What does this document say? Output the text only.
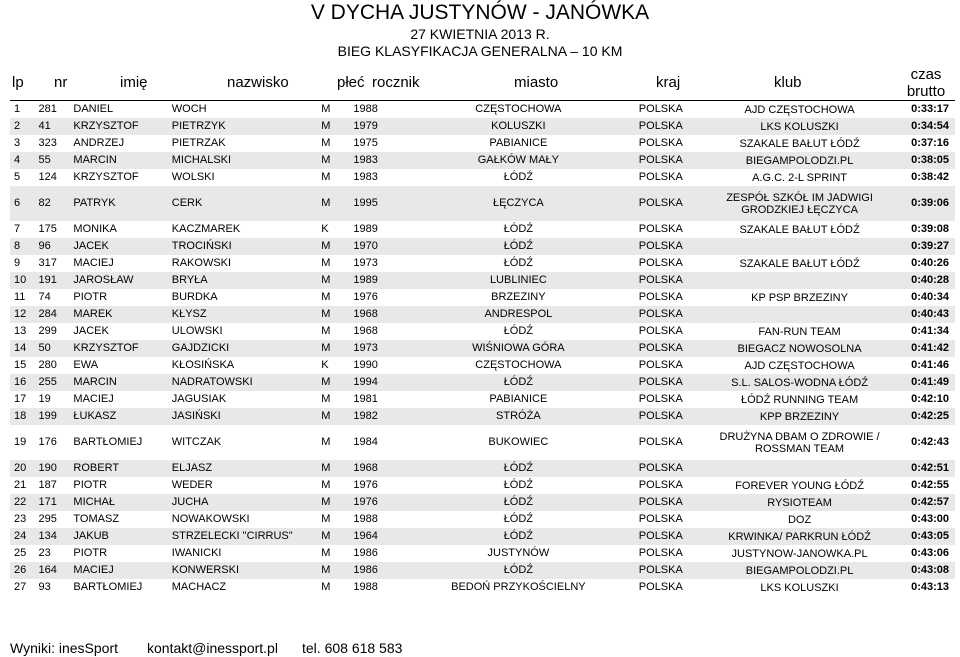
V DYCHA JUSTYNÓW - JANÓWKA
27 KWIETNIA 2013 R.
BIEG KLASYFIKACJA GENERALNA – 10 KM
lp nr	imię	nazwisko	płeć rocznik	miasto	kraj	klub	czas
brutto
1	281	DANIEL	WOCH	M	1988	CZĘSTOCHOWA	POLSKA	AJD CZĘSTOCHOWA	0:33:17
2	41	KRZYSZTOF	PIETRZYK	M	1979	KOLUSZKI	POLSKA	LKS KOLUSZKI	0:34:54
3	323	ANDRZEJ	PIETRZAK	M	1975	PABIANICE	POLSKA	SZAKALE BAŁUT ŁÓDŹ	0:37:16
4	55	MARCIN	MICHALSKI	M	1983	GAŁKÓW MAŁY	POLSKA	BIEGAMPOLODZI.PL	0:38:05
5	124	KRZYSZTOF	WOLSKI	M	1983	ŁÓDŹ	POLSKA	A.G.C. 2-L SPRINT	0:38:42
6	82	PATRYK	CERK	M	1995	ŁĘCZYCA	POLSKA	ZESPÓŁ SZKÓŁ IM JADWIGI GRODZKIEJ ŁĘCZYCA	0:39:06
7	175	MONIKA	KACZMAREK	K	1989	ŁÓDŹ	POLSKA	SZAKALE BAŁUT ŁÓDŹ	0:39:08
8	96	JACEK	TROCIŃSKI	M	1970	ŁÓDŹ	POLSKA		0:39:27
9	317	MACIEJ	RAKOWSKI	M	1973	ŁÓDŹ	POLSKA	SZAKALE BAŁUT ŁÓDŹ	0:40:26
10	191	JAROSŁAW	BRYŁA	M	1989	LUBLINIEC	POLSKA		0:40:28
11	74	PIOTR	BURDKA	M	1976	BRZEZINY	POLSKA	KP PSP BRZEZINY	0:40:34
12	284	MAREK	KŁYSZ	M	1968	ANDRESPOL	POLSKA		0:40:43
13	299	JACEK	ULOWSKI	M	1968	ŁÓDŹ	POLSKA	FAN-RUN TEAM	0:41:34
14	50	KRZYSZTOF	GAJDZICKI	M	1973	WIŚNIOWA GÓRA	POLSKA	BIEGACZ NOWOSOLNA	0:41:42
15	280	EWA	KŁOSIŃSKA	K	1990	CZĘSTOCHOWA	POLSKA	AJD CZĘSTOCHOWA	0:41:46
16	255	MARCIN	NADRATOWSKI	M	1994	ŁÓDŹ	POLSKA	S.L. SALOS-WODNA ŁÓDŹ	0:41:49
17	19	MACIEJ	JAGUSIAK	M	1981	PABIANICE	POLSKA	ŁÓDŹ RUNNING TEAM	0:42:10
18	199	ŁUKASZ	JASIŃSKI	M	1982	STRÓŻA	POLSKA	KPP BRZEZINY	0:42:25
19	176	BARTŁOMIEJ	WITCZAK	M	1984	BUKOWIEC	POLSKA	DRUŻYNA DBAM O ZDROWIE / ROSSMAN TEAM	0:42:43
20	190	ROBERT	ELJASZ	M	1968	ŁÓDŹ	POLSKA		0:42:51
21	187	PIOTR	WEDER	M	1976	ŁÓDŹ	POLSKA	FOREVER YOUNG ŁÓDŹ	0:42:55
22	171	MICHAŁ	JUCHA	M	1976	ŁÓDŹ	POLSKA	RYSIOTEAM	0:42:57
23	295	TOMASZ	NOWAKOWSKI	M	1988	ŁÓDŹ	POLSKA	DOZ	0:43:00
24	134	JAKUB	STRZELECKI "CIRRUS"	M	1964	ŁÓDŹ	POLSKA	KRWINKA/ PARKRUN ŁÓDŹ	0:43:05
25	23	PIOTR	IWANICKI	M	1986	JUSTYNÓW	POLSKA	JUSTYNOW-JANOWKA.PL	0:43:06
26	164	MACIEJ	KONWERSKI	M	1986	ŁÓDŹ	POLSKA	BIEGAMPOLODZI.PL	0:43:08
27	93	BARTŁOMIEJ	MACHACZ	M	1988	BEDOŃ PRZYKOŚCIELNY	POLSKA	LKS KOLUSZKI	0:43:13
Wyniki: inesSport kontakt@inessport.pl tel. 608 618 583
